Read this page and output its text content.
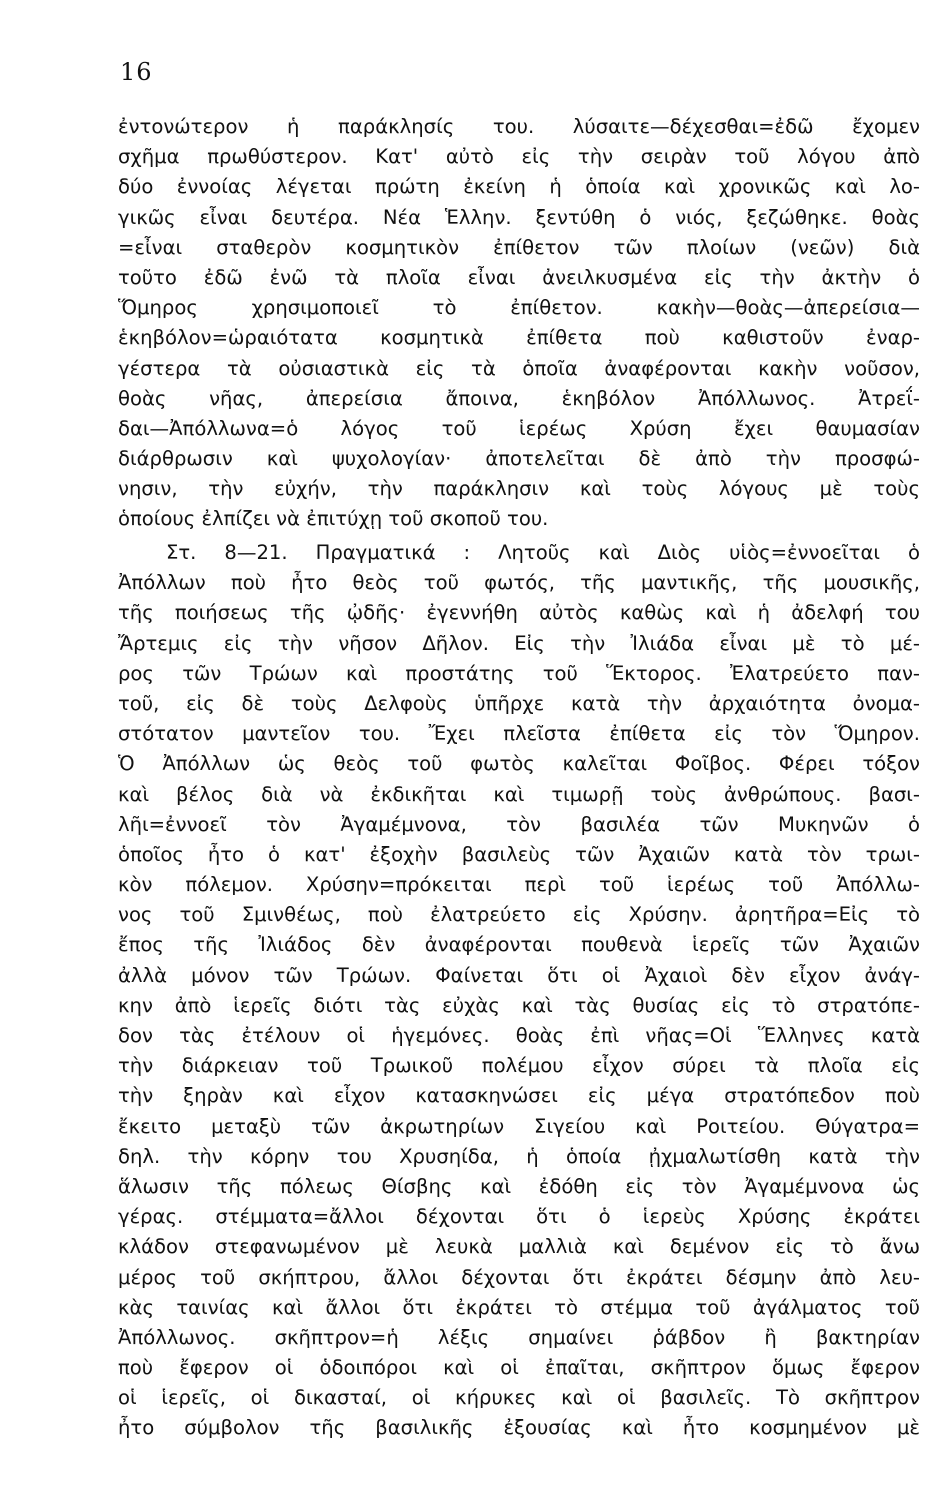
16
ἐντονώτερον ἡ παράκλησίς του. λύσαιτε—δέχεσθαι=ἐδῶ ἔχομεν
σχῆμα πρωθύστερον. Κατ' αὐτὸ εἰς τὴν σειρὰν τοῦ λόγου ἀπὸ
δύο ἐννοίας λέγεται πρώτη ἐκείνη ἡ ὁποία καὶ χρονικῶς καὶ λο-
γικῶς εἶναι δευτέρα. Νέα Ἑλλην. ξεντύθη ὁ νιός, ξεζώθηκε. θοὰς
=εἶναι σταθερὸν κοσμητικὸν ἐπίθετον τῶν πλοίων (νεῶν) διὰ
τοῦτο ἐδῶ ἐνῶ τὰ πλοῖα εἶναι ἀνειλκυσμένα εἰς τὴν ἀκτὴν ὁ
Ὅμηρος χρησιμοποιεῖ τὸ ἐπίθετον. κακὴν—θοὰς—ἀπερείσια—
ἑκηβόλον=ὡραιότατα κοσμητικὰ ἐπίθετα ποὺ καθιστοῦν ἐναρ-
γέστερα τὰ οὐσιαστικὰ εἰς τὰ ὁποῖα ἀναφέρονται κακὴν νοῦσον,
θοὰς νῆας, ἀπερείσια ἄποινα, ἑκηβόλον Ἀπόλλωνος. Ἀτρεΐ-
δαι—Ἀπόλλωνα=ὁ λόγος τοῦ ἱερέως Χρύση ἔχει θαυμασίαν
διάρθρωσιν καὶ ψυχολογίαν· ἀποτελεῖται δὲ ἀπὸ τὴν προσφώ-
νησιν, τὴν εὐχήν, τὴν παράκλησιν καὶ τοὺς λόγους μὲ τοὺς
ὁποίους ἐλπίζει νὰ ἐπιτύχῃ τοῦ σκοποῦ του.
Στ. 8—21. Πραγματικά : Λητοῦς καὶ Διὸς υἱὸς=ἐννοεῖται ὁ
Ἀπόλλων ποὺ ἦτο θεὸς τοῦ φωτός, τῆς μαντικῆς, τῆς μουσικῆς,
τῆς ποιήσεως τῆς ᾠδῆς· ἐγεννήθη αὐτὸς καθὼς καὶ ἡ ἀδελφή του
Ἄρτεμις εἰς τὴν νῆσον Δῆλον. Εἰς τὴν Ἰλιάδα εἶναι μὲ τὸ μέ-
ρος τῶν Τρώων καὶ προστάτης τοῦ Ἕκτορος. Ἐλατρεύετο παν-
τοῦ, εἰς δὲ τοὺς Δελφοὺς ὑπῆρχε κατὰ τὴν ἀρχαιότητα ὀνομα-
στότατον μαντεῖον του. Ἔχει πλεῖστα ἐπίθετα εἰς τὸν Ὅμηρον.
Ὁ Ἀπόλλων ὡς θεὸς τοῦ φωτὸς καλεῖται Φοῖβος. Φέρει τόξον
καὶ βέλος διὰ νὰ ἐκδικῆται καὶ τιμωρῇ τοὺς ἀνθρώπους. βασι-
λῆι=ἐννοεῖ τὸν Ἀγαμέμνονα, τὸν βασιλέα τῶν Μυκηνῶν ὁ
ὁποῖος ἦτο ὁ κατ' ἐξοχὴν βασιλεὺς τῶν Ἀχαιῶν κατὰ τὸν τρωι-
κὸν πόλεμον. Χρύσην=πρόκειται περὶ τοῦ ἱερέως τοῦ Ἀπόλλω-
νος τοῦ Σμινθέως, ποὺ ἐλατρεύετο εἰς Χρύσην. ἀρητῆρα=Εἰς τὸ
ἔπος τῆς Ἰλιάδος δὲν ἀναφέρονται πουθενὰ ἱερεῖς τῶν Ἀχαιῶν
ἀλλὰ μόνον τῶν Τρώων. Φαίνεται ὅτι οἱ Ἀχαιοὶ δὲν εἶχον ἀνάγ-
κην ἀπὸ ἱερεῖς διότι τὰς εὐχὰς καὶ τὰς θυσίας εἰς τὸ στρατόπε-
δον τὰς ἐτέλουν οἱ ἡγεμόνες. θοὰς ἐπὶ νῆας=Οἱ Ἕλληνες κατὰ
τὴν διάρκειαν τοῦ Τρωικοῦ πολέμου εἶχον σύρει τὰ πλοῖα εἰς
τὴν ξηρὰν καὶ εἶχον κατασκηνώσει εἰς μέγα στρατόπεδον ποὺ
ἔκειτο μεταξὺ τῶν ἀκρωτηρίων Σιγείου καὶ Ροιτείου. Θύγατρα=
δηλ. τὴν κόρην του Χρυσηίδα, ἡ ὁποία ᾐχμαλωτίσθη κατὰ τὴν
ἅλωσιν τῆς πόλεως Θίσβης καὶ ἐδόθη εἰς τὸν Ἀγαμέμνονα ὡς
γέρας. στέμματα=ἄλλοι δέχονται ὅτι ὁ ἱερεὺς Χρύσης ἐκράτει
κλάδον στεφανωμένον μὲ λευκὰ μαλλιὰ καὶ δεμένον εἰς τὸ ἄνω
μέρος τοῦ σκήπτρου, ἄλλοι δέχονται ὅτι ἐκράτει δέσμην ἀπὸ λευ-
κὰς ταινίας καὶ ἄλλοι ὅτι ἐκράτει τὸ στέμμα τοῦ ἀγάλματος τοῦ
Ἀπόλλωνος. σκῆπτρον=ἡ λέξις σημαίνει ῥάβδον ἢ βακτηρίαν
ποὺ ἔφερον οἱ ὁδοιπόροι καὶ οἱ ἐπαῖται, σκῆπτρον ὅμως ἔφερον
οἱ ἱερεῖς, οἱ δικασταί, οἱ κήρυκες καὶ οἱ βασιλεῖς. Τὸ σκῆπτρον
ἦτο σύμβολον τῆς βασιλικῆς ἐξουσίας καὶ ἦτο κοσμημένον μὲ
